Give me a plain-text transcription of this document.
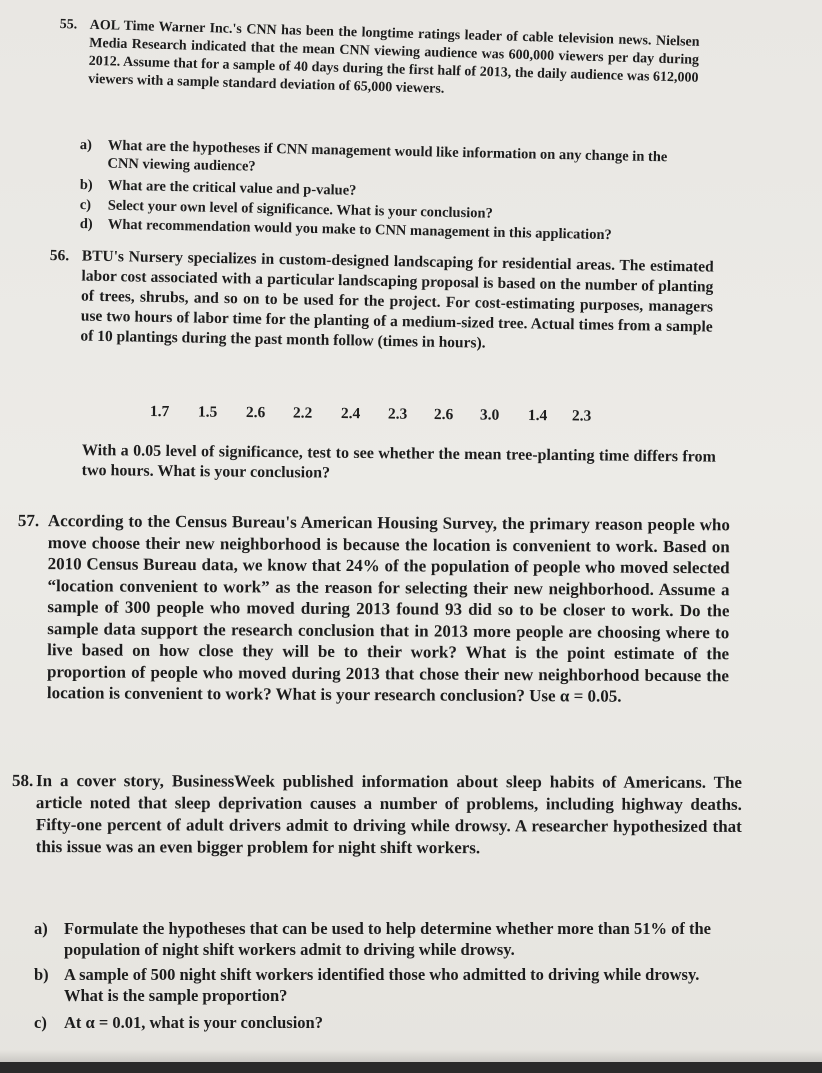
55. AOL Time Warner Inc.'s CNN has been the longtime ratings leader of cable television news. Nielsen Media Research indicated that the mean CNN viewing audience was 600,000 viewers per day during 2012. Assume that for a sample of 40 days during the first half of 2013, the daily audience was 612,000 viewers with a sample standard deviation of 65,000 viewers.
a) What are the hypotheses if CNN management would like information on any change in the CNN viewing audience?
b) What are the critical value and p-value?
c) Select your own level of significance. What is your conclusion?
d) What recommendation would you make to CNN management in this application?
56. BTU's Nursery specializes in custom-designed landscaping for residential areas. The estimated labor cost associated with a particular landscaping proposal is based on the number of planting of trees, shrubs, and so on to be used for the project. For cost-estimating purposes, managers use two hours of labor time for the planting of a medium-sized tree. Actual times from a sample of 10 plantings during the past month follow (times in hours).
1.7	1.5	2.6	2.2	2.4	2.3	2.6	3.0	1.4	2.3
With a 0.05 level of significance, test to see whether the mean tree-planting time differs from two hours. What is your conclusion?
57. According to the Census Bureau's American Housing Survey, the primary reason people who move choose their new neighborhood is because the location is convenient to work. Based on 2010 Census Bureau data, we know that 24% of the population of people who moved selected “location convenient to work” as the reason for selecting their new neighborhood. Assume a sample of 300 people who moved during 2013 found 93 did so to be closer to work. Do the sample data support the research conclusion that in 2013 more people are choosing where to live based on how close they will be to their work? What is the point estimate of the proportion of people who moved during 2013 that chose their new neighborhood because the location is convenient to work? What is your research conclusion? Use α = 0.05.
58. In a cover story, BusinessWeek published information about sleep habits of Americans. The article noted that sleep deprivation causes a number of problems, including highway deaths. Fifty-one percent of adult drivers admit to driving while drowsy. A researcher hypothesized that this issue was an even bigger problem for night shift workers.
a) Formulate the hypotheses that can be used to help determine whether more than 51% of the population of night shift workers admit to driving while drowsy.
b) A sample of 500 night shift workers identified those who admitted to driving while drowsy. What is the sample proportion?
c) At α = 0.01, what is your conclusion?
